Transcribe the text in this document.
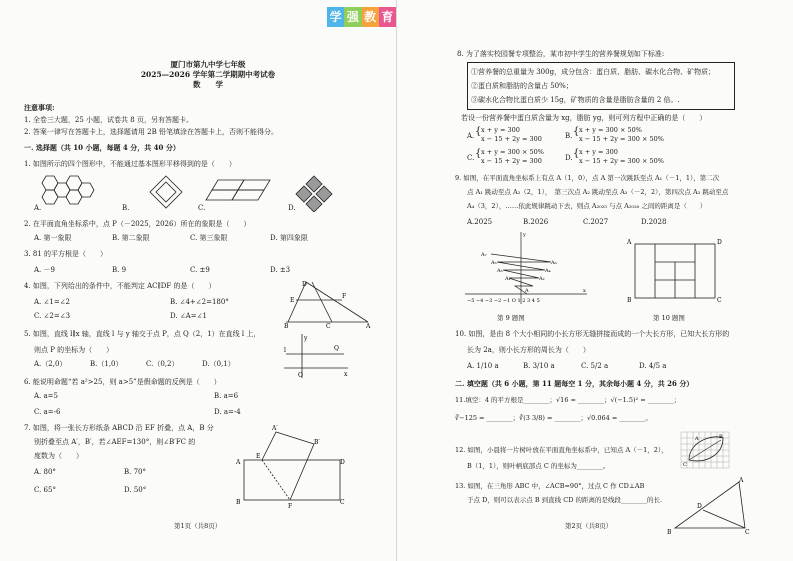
学 强 教 育
厦门市第九中学七年级
2025—2026 学年第二学期期中考试卷
数　　学
注意事项:
1. 全卷三大题，25 小题，试卷共 8 页，另有答题卡。
2. 答案一律写在答题卡上，选择题请用 2B 铅笔填涂在答题卡上，否则不能得分。
一. 选择题（共 10 小题，每题 4 分，共 40 分）
1. 如图所示的四个图形中，不能通过基本图形平移得到的是（　　）
A.	B.	C.	D.
2. 在平面直角坐标系中，点 P（－2025，2026）所在的象限是（　　）
A. 第一象限	B. 第二象限	C. 第三象限	D. 第四象限
3. 81 的平方根是（　　）
A. －9	B. 9	C. ±9	D. ±3
4. 如图，下列给出的条件中，不能判定 AC∥DF 的是（　　）
A. ∠1=∠2	B. ∠4+∠2=180°
C. ∠2=∠3	D. ∠A=∠1
D
B	A
E
F
C
5. 如图，直线 l∥x 轴，直线 l 与 y 轴交于点 P，点 Q（2，1）在直线 l 上，
则点 P 的坐标为（　　）
A.（2,0）	B.（1,0）	C.（0,2）	D.（0,1）
l	Q
O	x
y
6. 能说明命题“若 a²>25，则 a>5”是假命题的反例是（　　）
A. a=5	B. a=6
C. a=-6	D. a=-4
7. 如图，将一张长方形纸条 ABCD 沿 EF 折叠，点 A，B 分
别折叠至点 A′，B′，若∠AEF=130°，则∠B′FC 的
度数为（　　）
A. 80°	B. 70°
C. 65°	D. 50°
A
B	C
D
E
F
A′
B′
第1页（共8页）
8. 为了落实校园餐专项整治，某市初中学生的营养餐规划如下标准:
①营养餐的总重量为 300g，成分包含：蛋白质、脂肪、碳水化合物、矿物质；
②蛋白质和脂肪的含量占 50%；
③碳水化合物比蛋白质少 15g，矿物质的含量是脂肪含量的 2 倍。.
若设一份营养餐中蛋白质含量为 xg，脂肪 yg，则可列方程中正确的是（　　）
A. { x + y = 300
x − 15 + 2y = 300	B. { x + y = 300 × 50%
x − 15 + 2y = 300 × 50%
C. { x + y = 300 × 50%
x − 15 + 2y = 300	D. { x + y = 300
x − 15 + 2y = 300 × 50%
9. 如图，在平面直角坐标系上有点 A（1，0），点 A 第一次跳跃至点 A₁（－1，1），第二次
点 A₁ 跳动至点 A₂（2，1），　第三次点 A₂ 跳动至点 A₃（－2，2），第四次点 A₃ 跳动至点
A₄（3，2），……依此规律跳动下去，则点 A₂₀₂₅ 与点 A₂₀₂₆ 之间的距离是（　　）
A.2025	B.2026	C.2027	D.2028
A₇
A₅
A₃
A₁
A₆
A₄
A₂
A
−5 −4 −3 −2 −1 O 1 2 3 4 5
y
x
第 9 题图
A	D
B	C
第 10 题图
10. 如图，是由 8 个大小相同的小长方形无缝拼接而成的一个大长方形，已知大长方形的
长为 2a，则小长方形的周长为（　　）
A. 1/10 a	B. 3/10 a	C. 5/2 a	D. 4/5 a
二. 填空题（共 6 小题，第 11 题每空 1 分，其余每小题 4 分，共 26 分）
11.填空：4 的平方根是________；√16 = ________；√(−1.5)² = ________；
∛−125 = ________；∛(3 3/8) = ________；√0.064 = ________。
12. 如图，小晨将一片树叶放在平面直角坐标系中，已知点 A（－1，2），
B（1，1），则叶柄底部点 C 的坐标为________。
A	B
C
13. 如图，在三角形 ABC 中，∠ACB=90°，过点 C 作 CD⊥AB
于点 D，则可以表示点 B 到直线 CD 的距离的是线段________的长.
B	C
A
D
第2页（共8页）
